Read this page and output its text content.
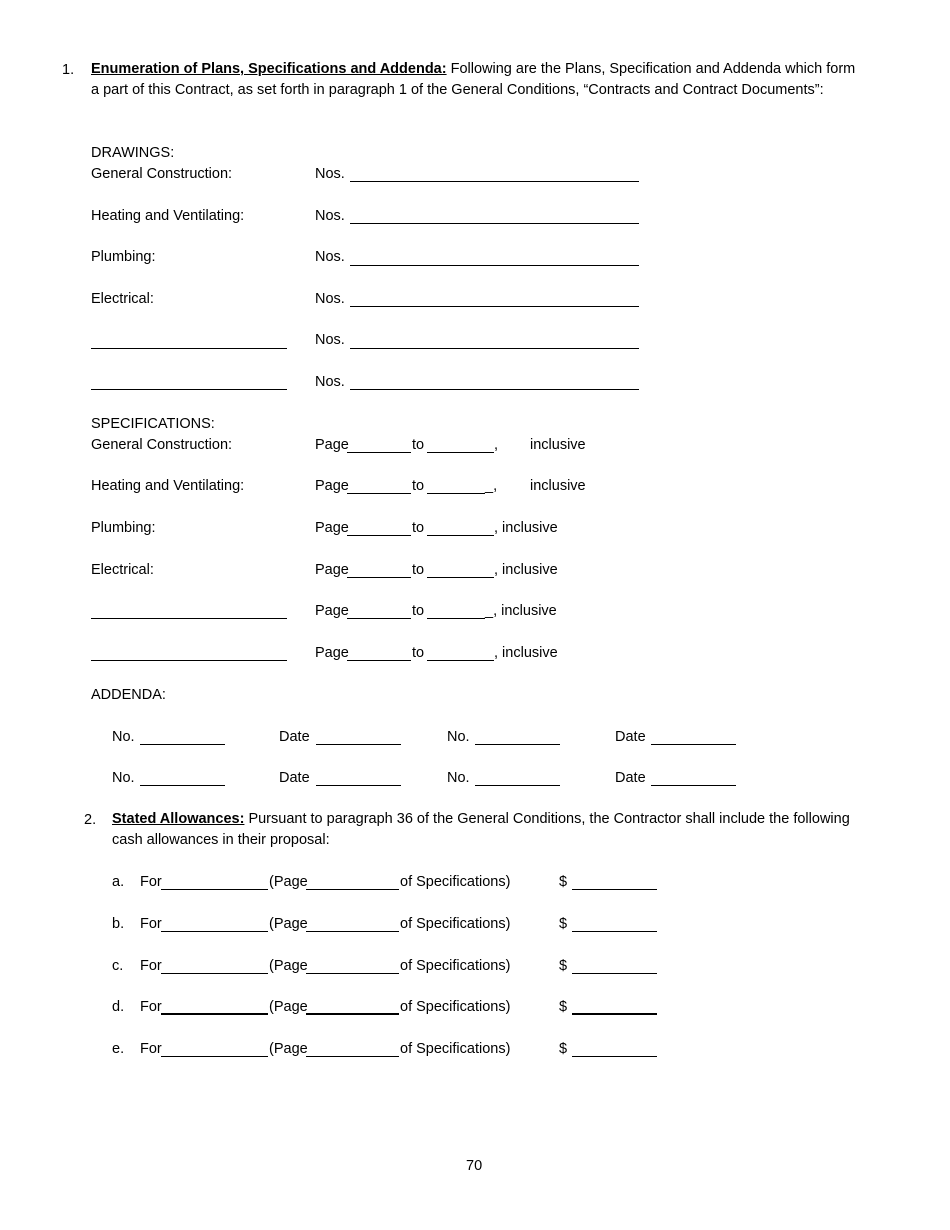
1. Enumeration of Plans, Specifications and Addenda: Following are the Plans, Specification and Addenda which form a part of this Contract, as set forth in paragraph 1 of the General Conditions, “Contracts and Contract Documents”:
DRAWINGS:
General Construction:	Nos.
Heating and Ventilating:	Nos.
Plumbing:	Nos.
Electrical:	Nos.
Nos.
Nos.
SPECIFICATIONS:
General Construction:	Page	to	, inclusive
Heating and Ventilating:	Page	to	_, inclusive
Plumbing:	Page	to	, inclusive
Electrical:	Page	to	, inclusive
Page	to	_, inclusive
Page	to	, inclusive
ADDENDA:
No.	Date	No.	Date
No.	Date	No.	Date
2. Stated Allowances: Pursuant to paragraph 36 of the General Conditions, the Contractor shall include the following cash allowances in their proposal:
a. For	(Page	of Specifications)	$
b. For	(Page	of Specifications)	$
c. For	(Page	of Specifications)	$
d. For	(Page	of Specifications)	$
e. For	(Page	of Specifications)	$
70
